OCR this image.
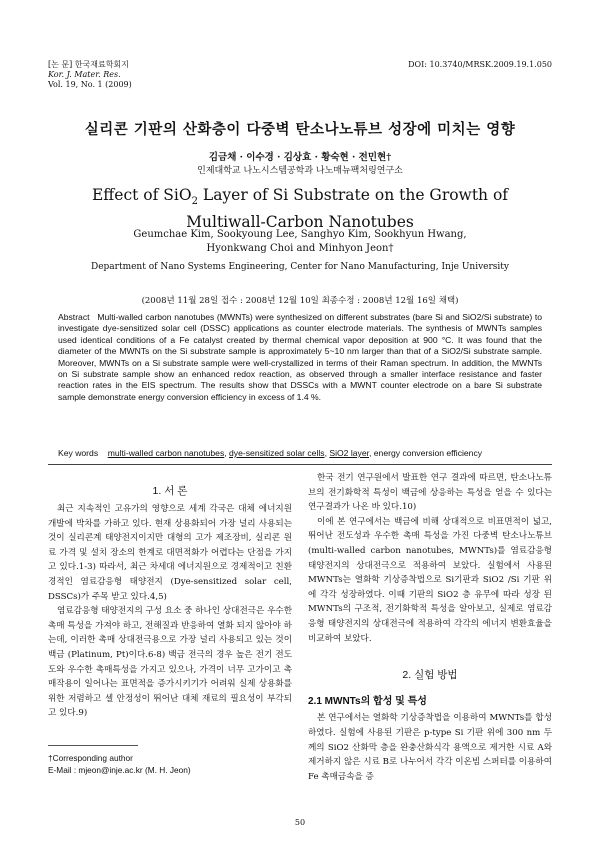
[논 문] 한국재료학회지
Kor. J. Mater. Res.
Vol. 19, No. 1 (2009)
DOI: 10.3740/MRSK.2009.19.1.050
실리콘 기판의 산화층이 다중벽 탄소나노튜브 성장에 미치는 영향
김금채 · 이수경 · 김상효 · 황숙현 · 전민현†
인제대학교 나노시스템공학과 나노매뉴팩처링연구소
Effect of SiO$_2$ Layer of Si Substrate on the Growth of
Multiwall-Carbon Nanotubes
Geumchae Kim, Sookyoung Lee, Sanghyo Kim, Sookhyun Hwang,
Hyonkwang Choi and Minhyon Jeon†
Department of Nano Systems Engineering, Center for Nano Manufacturing, Inje University
(2008년 11월 28일 접수 : 2008년 12월 10일 최종수정 : 2008년 12월 16일 채택)
Abstract Multi-walled carbon nanotubes (MWNTs) were synthesized on different substrates (bare Si and SiO2/Si substrate) to investigate dye-sensitized solar cell (DSSC) applications as counter electrode materials. The synthesis of MWNTs samples used identical conditions of a Fe catalyst created by thermal chemical vapor deposition at 900 °C. It was found that the diameter of the MWNTs on the Si substrate sample is approximately 5~10 nm larger than that of a SiO2/Si substrate sample. Moreover, MWNTs on a Si substrate sample were well-crystallized in terms of their Raman spectrum. In addition, the MWNTs on Si substrate sample show an enhanced redox reaction, as observed through a smaller interface resistance and faster reaction rates in the EIS spectrum. The results show that DSSCs with a MWNT counter electrode on a bare Si substrate sample demonstrate energy conversion efficiency in excess of 1.4 %.
Key words multi-walled carbon nanotubes, dye-sensitized solar cells, SiO2 layer, energy conversion efficiency
1. 서 론
최근 지속적인 고유가의 영향으로 세계 각국은 대체 에너지원 개발에 박차를 가하고 있다. 현재 상용화되어 가장 널리 사용되는 것이 실리콘계 태양전지이지만 대형의 고가 제조장비, 실리콘 원료 가격 및 설치 장소의 한계로 대면적화가 어렵다는 단점을 가지고 있다.1-3) 따라서, 최근 차세대 에너지원으로 경제적이고 친환경적인 염료감응형 태양전지 (Dye-sensitized solar cell, DSSCs)가 주목 받고 있다.4,5)
염료감응형 태양전지의 구성 요소 중 하나인 상대전극은 우수한 촉매 특성을 가져야 하고, 전해질과 반응하여 열화 되지 않아야 하는데, 이러한 촉매 상대전극용으로 가장 널리 사용되고 있는 것이 백금 (Platinum, Pt)이다.6-8) 백금 전극의 경우 높은 전기 전도도와 우수한 촉매특성을 가지고 있으나, 가격이 너무 고가이고 촉매작용이 일어나는 표면적을 증가시키기가 어려워 실제 상용화를 위한 저렴하고 셀 안정성이 뛰어난 대체 재료의 필요성이 부각되고 있다.9)
한국 전기 연구원에서 발표한 연구 결과에 따르면, 탄소나노튜브의 전기화학적 특성이 백금에 상응하는 특성을 얻을 수 있다는 연구결과가 나온 바 있다.10)
이에 본 연구에서는 백금에 비해 상대적으로 비표면적이 넓고, 뛰어난 전도성과 우수한 촉매 특성을 가진 다중벽 탄소나노튜브(multi-walled carbon nanotubes, MWNTs)를 염료감응형 태양전지의 상대전극으로 적용하여 보았다. 실험에서 사용된 MWNTs는 열화학 기상증착법으로 Si기판과 SiO2 /Si 기판 위에 각각 성장하였다. 이때 기판의 SiO2 층 유무에 따라 성장 된 MWNTs의 구조적, 전기화학적 특성을 알아보고, 실제로 염료감응형 태양전지의 상대전극에 적용하여 각각의 에너지 변환효율을 비교하여 보았다.
2. 실험 방법
2.1 MWNTs의 합성 및 특성
본 연구에서는 열화학 기상증착법을 이용하여 MWNTs를 합성하였다. 실험에 사용된 기판은 p-type Si 기판 위에 300 nm 두께의 SiO2 산화막 층을 완충산화식각 용액으로 제거한 시료 A와 제거하지 않은 시료 B로 나누어서 각각 이온빔 스퍼터를 이용하여 Fe 촉매금속을 증
†Corresponding author
E-Mail : mjeon@inje.ac.kr (M. H. Jeon)
50
